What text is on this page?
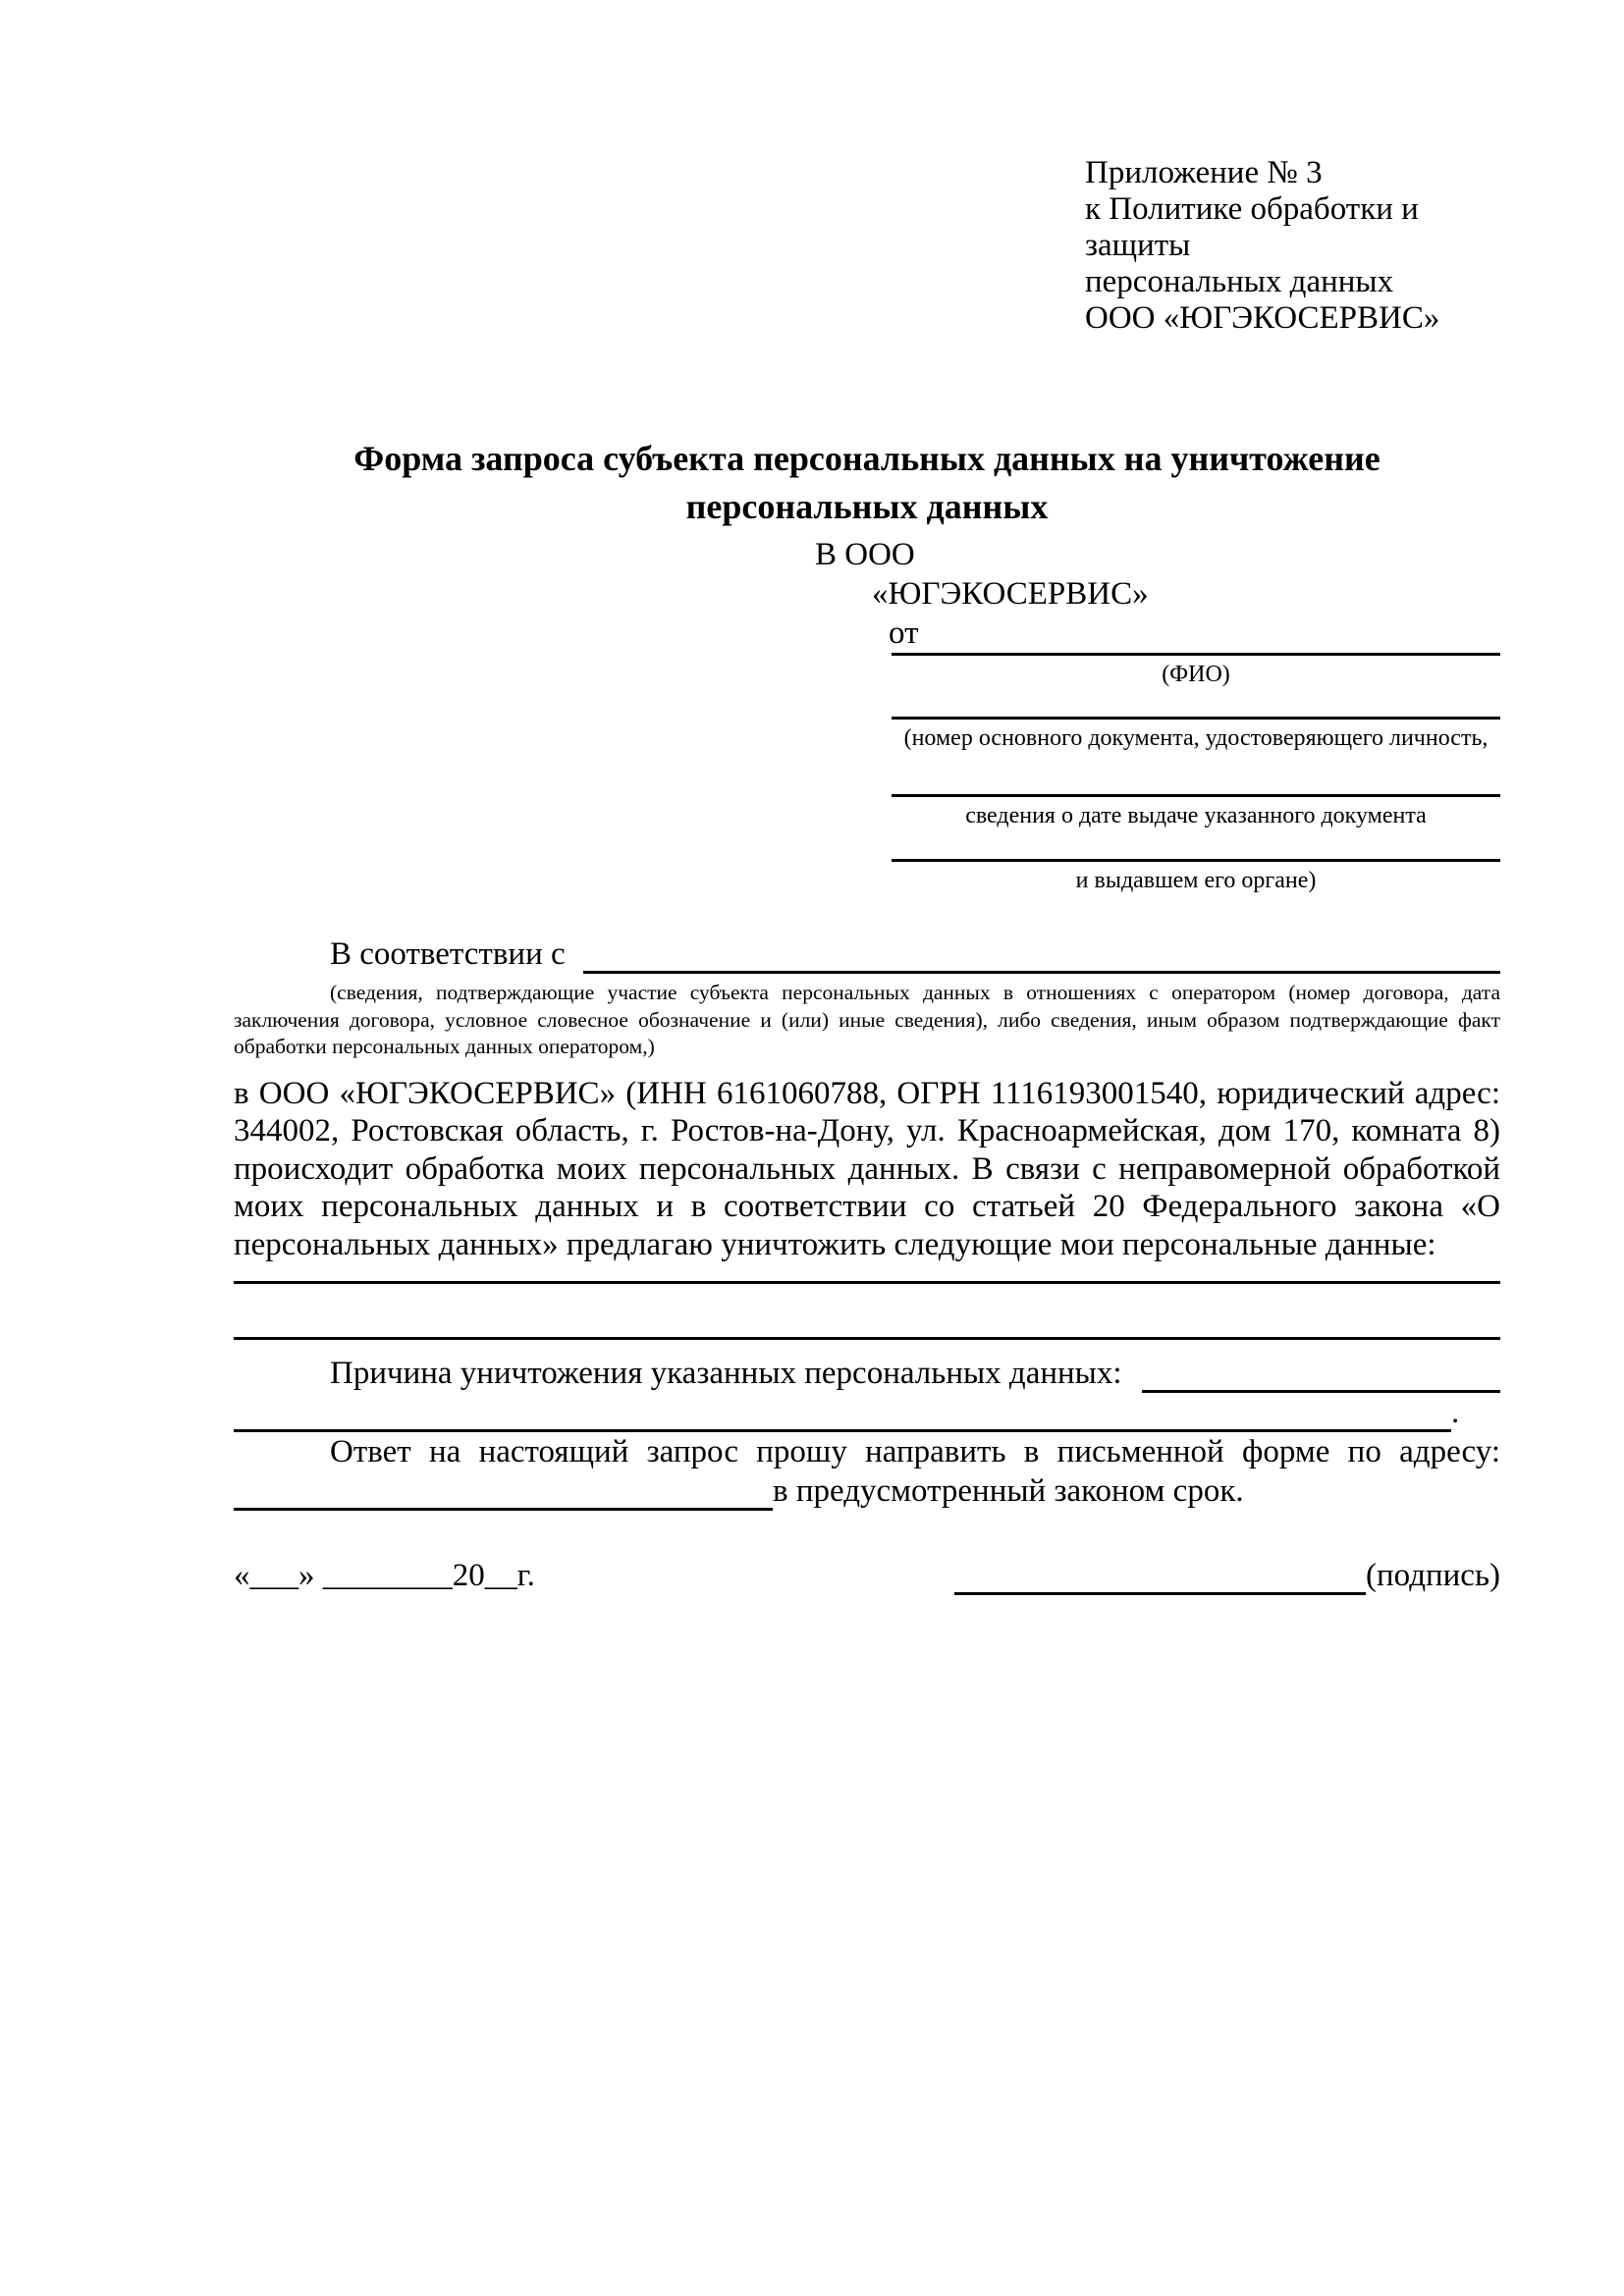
Приложение № 3
к Политике обработки и защиты
персональных данных
ООО «ЮГЭКОСЕРВИС»
Форма запроса субъекта персональных данных на уничтожение персональных данных
В ООО
«ЮГЭКОСЕРВИС»
от
(ФИО)
(номер основного документа, удостоверяющего личность,
сведения о дате выдаче указанного документа
и выдавшем его органе)
В соответствии с
(сведения, подтверждающие участие субъекта персональных данных в отношениях с оператором (номер договора, дата
заключения договора, условное словесное обозначение и (или) иные сведения), либо сведения, иным образом подтверждающие факт
обработки персональных данных оператором,)
в ООО «ЮГЭКОСЕРВИС» (ИНН 6161060788, ОГРН 1116193001540, юридический адрес:
344002, Ростовская область, г. Ростов-на-Дону, ул. Красноармейская, дом 170, комната 8)
происходит обработка моих персональных данных. В связи с неправомерной обработкой
моих персональных данных и в соответствии со статьей 20 Федерального закона «О
персональных данных» предлагаю уничтожить следующие мои персональные данные:
Причина уничтожения указанных персональных данных:
.
Ответ на настоящий запрос прошу направить в письменной форме по адресу:
в предусмотренный законом срок.
«___» ________20__г.	(подпись)
